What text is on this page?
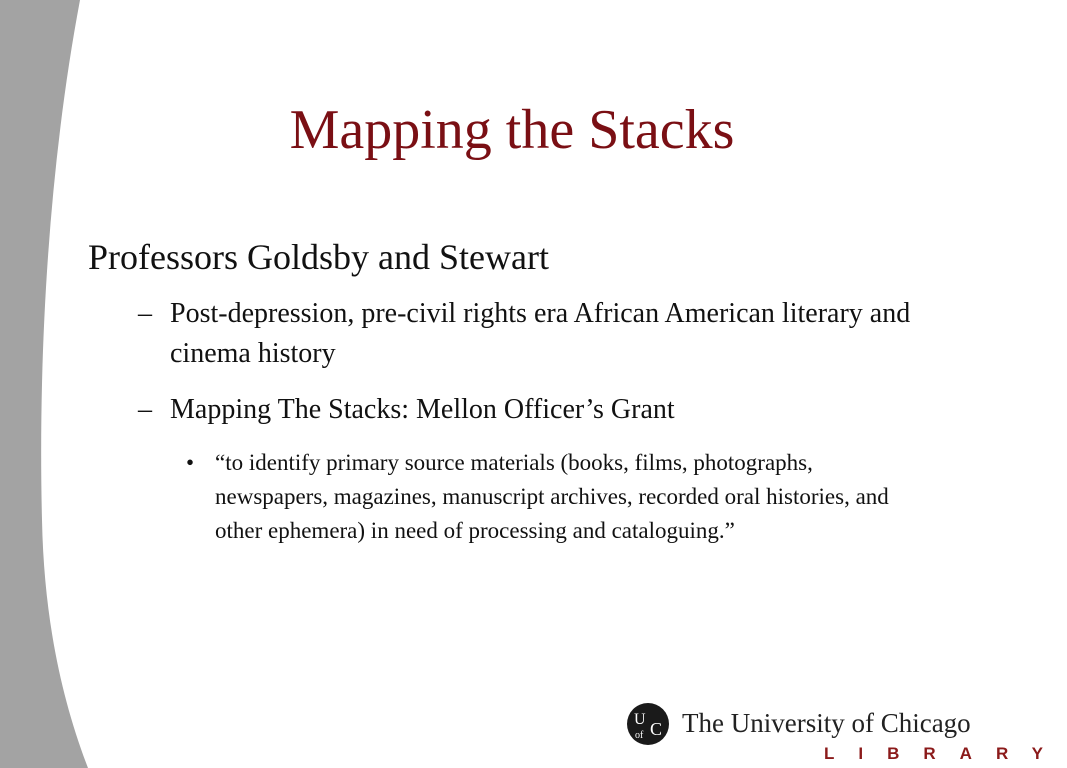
Mapping the Stacks
Professors Goldsby and Stewart
– Post-depression, pre-civil rights era African American literary and cinema history
– Mapping The Stacks: Mellon Officer’s Grant
• “to identify primary source materials (books, films, photographs, newspapers, magazines, manuscript archives, recorded oral histories, and other ephemera) in need of processing and cataloguing.”
U
of C The University of Chicago
LIBRARY
